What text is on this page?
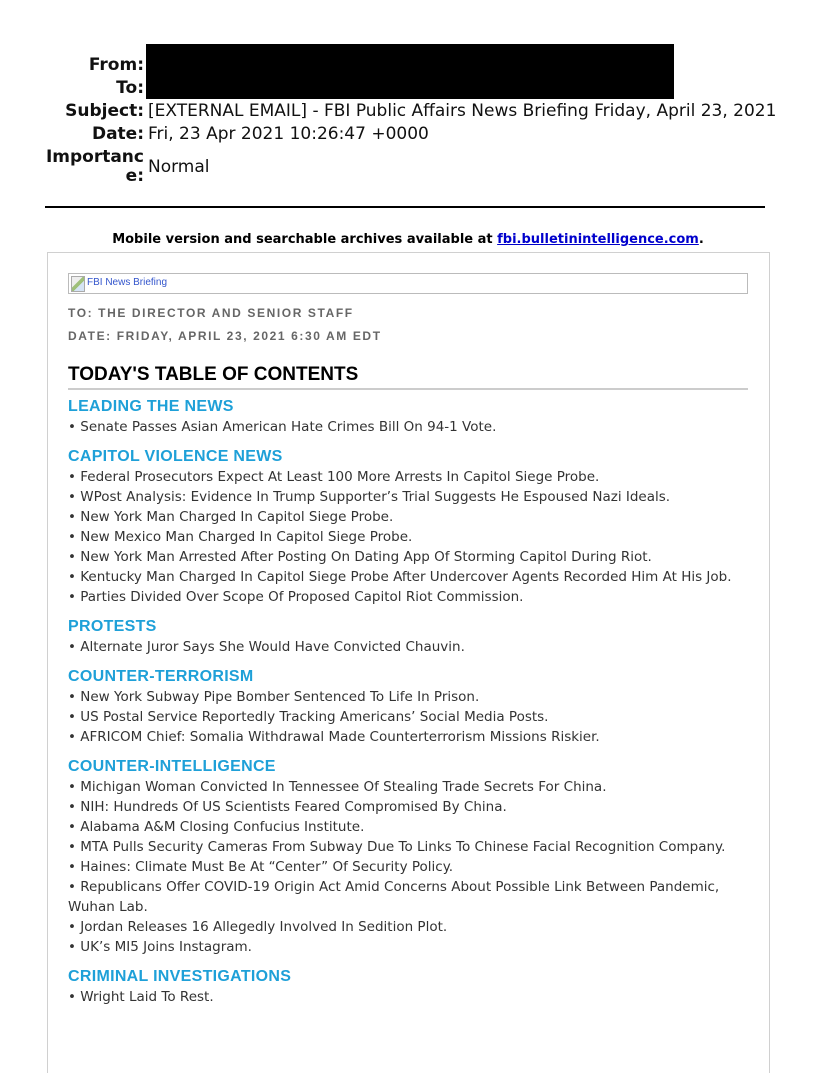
From:
To:
Subject: [EXTERNAL EMAIL] - FBI Public Affairs News Briefing Friday, April 23, 2021
Date: Fri, 23 Apr 2021 10:26:47 +0000
Importanc
e: Normal
Mobile version and searchable archives available at fbi.bulletinintelligence.com.
FBI News Briefing
TO: THE DIRECTOR AND SENIOR STAFF
DATE: FRIDAY, APRIL 23, 2021 6:30 AM EDT
TODAY'S TABLE OF CONTENTS
LEADING THE NEWS
• Senate Passes Asian American Hate Crimes Bill On 94-1 Vote.
CAPITOL VIOLENCE NEWS
• Federal Prosecutors Expect At Least 100 More Arrests In Capitol Siege Probe.
• WPost Analysis: Evidence In Trump Supporter’s Trial Suggests He Espoused Nazi Ideals.
• New York Man Charged In Capitol Siege Probe.
• New Mexico Man Charged In Capitol Siege Probe.
• New York Man Arrested After Posting On Dating App Of Storming Capitol During Riot.
• Kentucky Man Charged In Capitol Siege Probe After Undercover Agents Recorded Him At His Job.
• Parties Divided Over Scope Of Proposed Capitol Riot Commission.
PROTESTS
• Alternate Juror Says She Would Have Convicted Chauvin.
COUNTER-TERRORISM
• New York Subway Pipe Bomber Sentenced To Life In Prison.
• US Postal Service Reportedly Tracking Americans’ Social Media Posts.
• AFRICOM Chief: Somalia Withdrawal Made Counterterrorism Missions Riskier.
COUNTER-INTELLIGENCE
• Michigan Woman Convicted In Tennessee Of Stealing Trade Secrets For China.
• NIH: Hundreds Of US Scientists Feared Compromised By China.
• Alabama A&M Closing Confucius Institute.
• MTA Pulls Security Cameras From Subway Due To Links To Chinese Facial Recognition Company.
• Haines: Climate Must Be At “Center” Of Security Policy.
• Republicans Offer COVID-19 Origin Act Amid Concerns About Possible Link Between Pandemic, Wuhan Lab.
• Jordan Releases 16 Allegedly Involved In Sedition Plot.
• UK’s MI5 Joins Instagram.
CRIMINAL INVESTIGATIONS
• Wright Laid To Rest.
